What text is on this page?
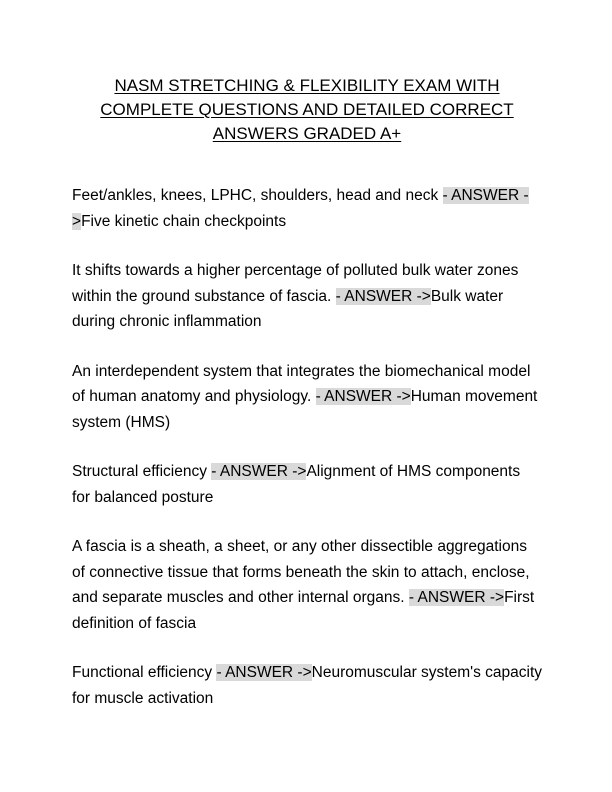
NASM STRETCHING & FLEXIBILITY EXAM WITH
COMPLETE QUESTIONS AND DETAILED CORRECT
ANSWERS GRADED A+

Feet/ankles, knees, LPHC, shoulders, head and neck - ANSWER ->Five kinetic chain checkpoints

It shifts towards a higher percentage of polluted bulk water zones within the ground substance of fascia. - ANSWER ->Bulk water during chronic inflammation

An interdependent system that integrates the biomechanical model of human anatomy and physiology. - ANSWER ->Human movement system (HMS)

Structural efficiency - ANSWER ->Alignment of HMS components for balanced posture

A fascia is a sheath, a sheet, or any other dissectible aggregations of connective tissue that forms beneath the skin to attach, enclose, and separate muscles and other internal organs. - ANSWER ->First definition of fascia

Functional efficiency - ANSWER ->Neuromuscular system's capacity for muscle activation
